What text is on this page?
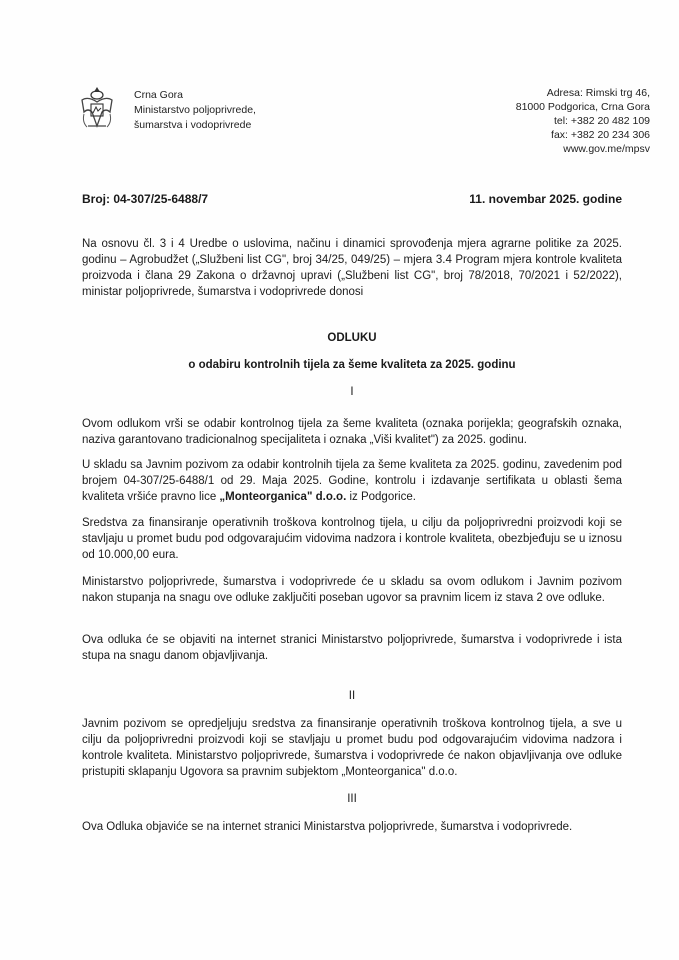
Crna Gora
Ministarstvo poljoprivrede,
šumarstva i vodoprivrede
Adresa: Rimski trg 46,
81000 Podgorica, Crna Gora
tel: +382 20 482 109
fax: +382 20 234 306
www.gov.me/mpsv
Broj: 04-307/25-6488/7	11. novembar 2025. godine
Na osnovu čl. 3 i 4 Uredbe o uslovima, načinu i dinamici sprovođenja mjera agrarne politike za 2025. godinu – Agrobudžet („Službeni list CG", broj 34/25, 049/25) – mjera 3.4 Program mjera kontrole kvaliteta proizvoda i člana 29 Zakona o državnoj upravi („Službeni list CG", broj 78/2018, 70/2021 i 52/2022), ministar poljoprivrede, šumarstva i vodoprivrede donosi
ODLUKU
o odabiru kontrolnih tijela za šeme kvaliteta za 2025. godinu
I
Ovom odlukom vrši se odabir kontrolnog tijela za šeme kvaliteta (oznaka porijekla; geografskih oznaka, naziva garantovano tradicionalnog specijaliteta i oznaka „Viši kvalitet") za 2025. godinu.
U skladu sa Javnim pozivom za odabir kontrolnih tijela za šeme kvaliteta za 2025. godinu, zavedenim pod brojem 04-307/25-6488/1 od 29. Maja 2025. Godine, kontrolu i izdavanje sertifikata u oblasti šema kvaliteta vršiće pravno lice „Monteorganica" d.o.o. iz Podgorice.
Sredstva za finansiranje operativnih troškova kontrolnog tijela, u cilju da poljoprivredni proizvodi koji se stavljaju u promet budu pod odgovarajućim vidovima nadzora i kontrole kvaliteta, obezbjeđuju se u iznosu od 10.000,00 eura.
Ministarstvo poljoprivrede, šumarstva i vodoprivrede će u skladu sa ovom odlukom i Javnim pozivom nakon stupanja na snagu ove odluke zaključiti poseban ugovor sa pravnim licem iz stava 2 ove odluke.
Ova odluka će se objaviti na internet stranici Ministarstvo poljoprivrede, šumarstva i vodoprivrede i ista stupa na snagu danom objavljivanja.
II
Javnim pozivom se opredjeljuju sredstva za finansiranje operativnih troškova kontrolnog tijela, a sve u cilju da poljoprivredni proizvodi koji se stavljaju u promet budu pod odgovarajućim vidovima nadzora i kontrole kvaliteta. Ministarstvo poljoprivrede, šumarstva i vodoprivrede će nakon objavljivanja ove odluke pristupiti sklapanju Ugovora sa pravnim subjektom „Monteorganica" d.o.o.
III
Ova Odluka objaviće se na internet stranici Ministarstva poljoprivrede, šumarstva i vodoprivrede.
